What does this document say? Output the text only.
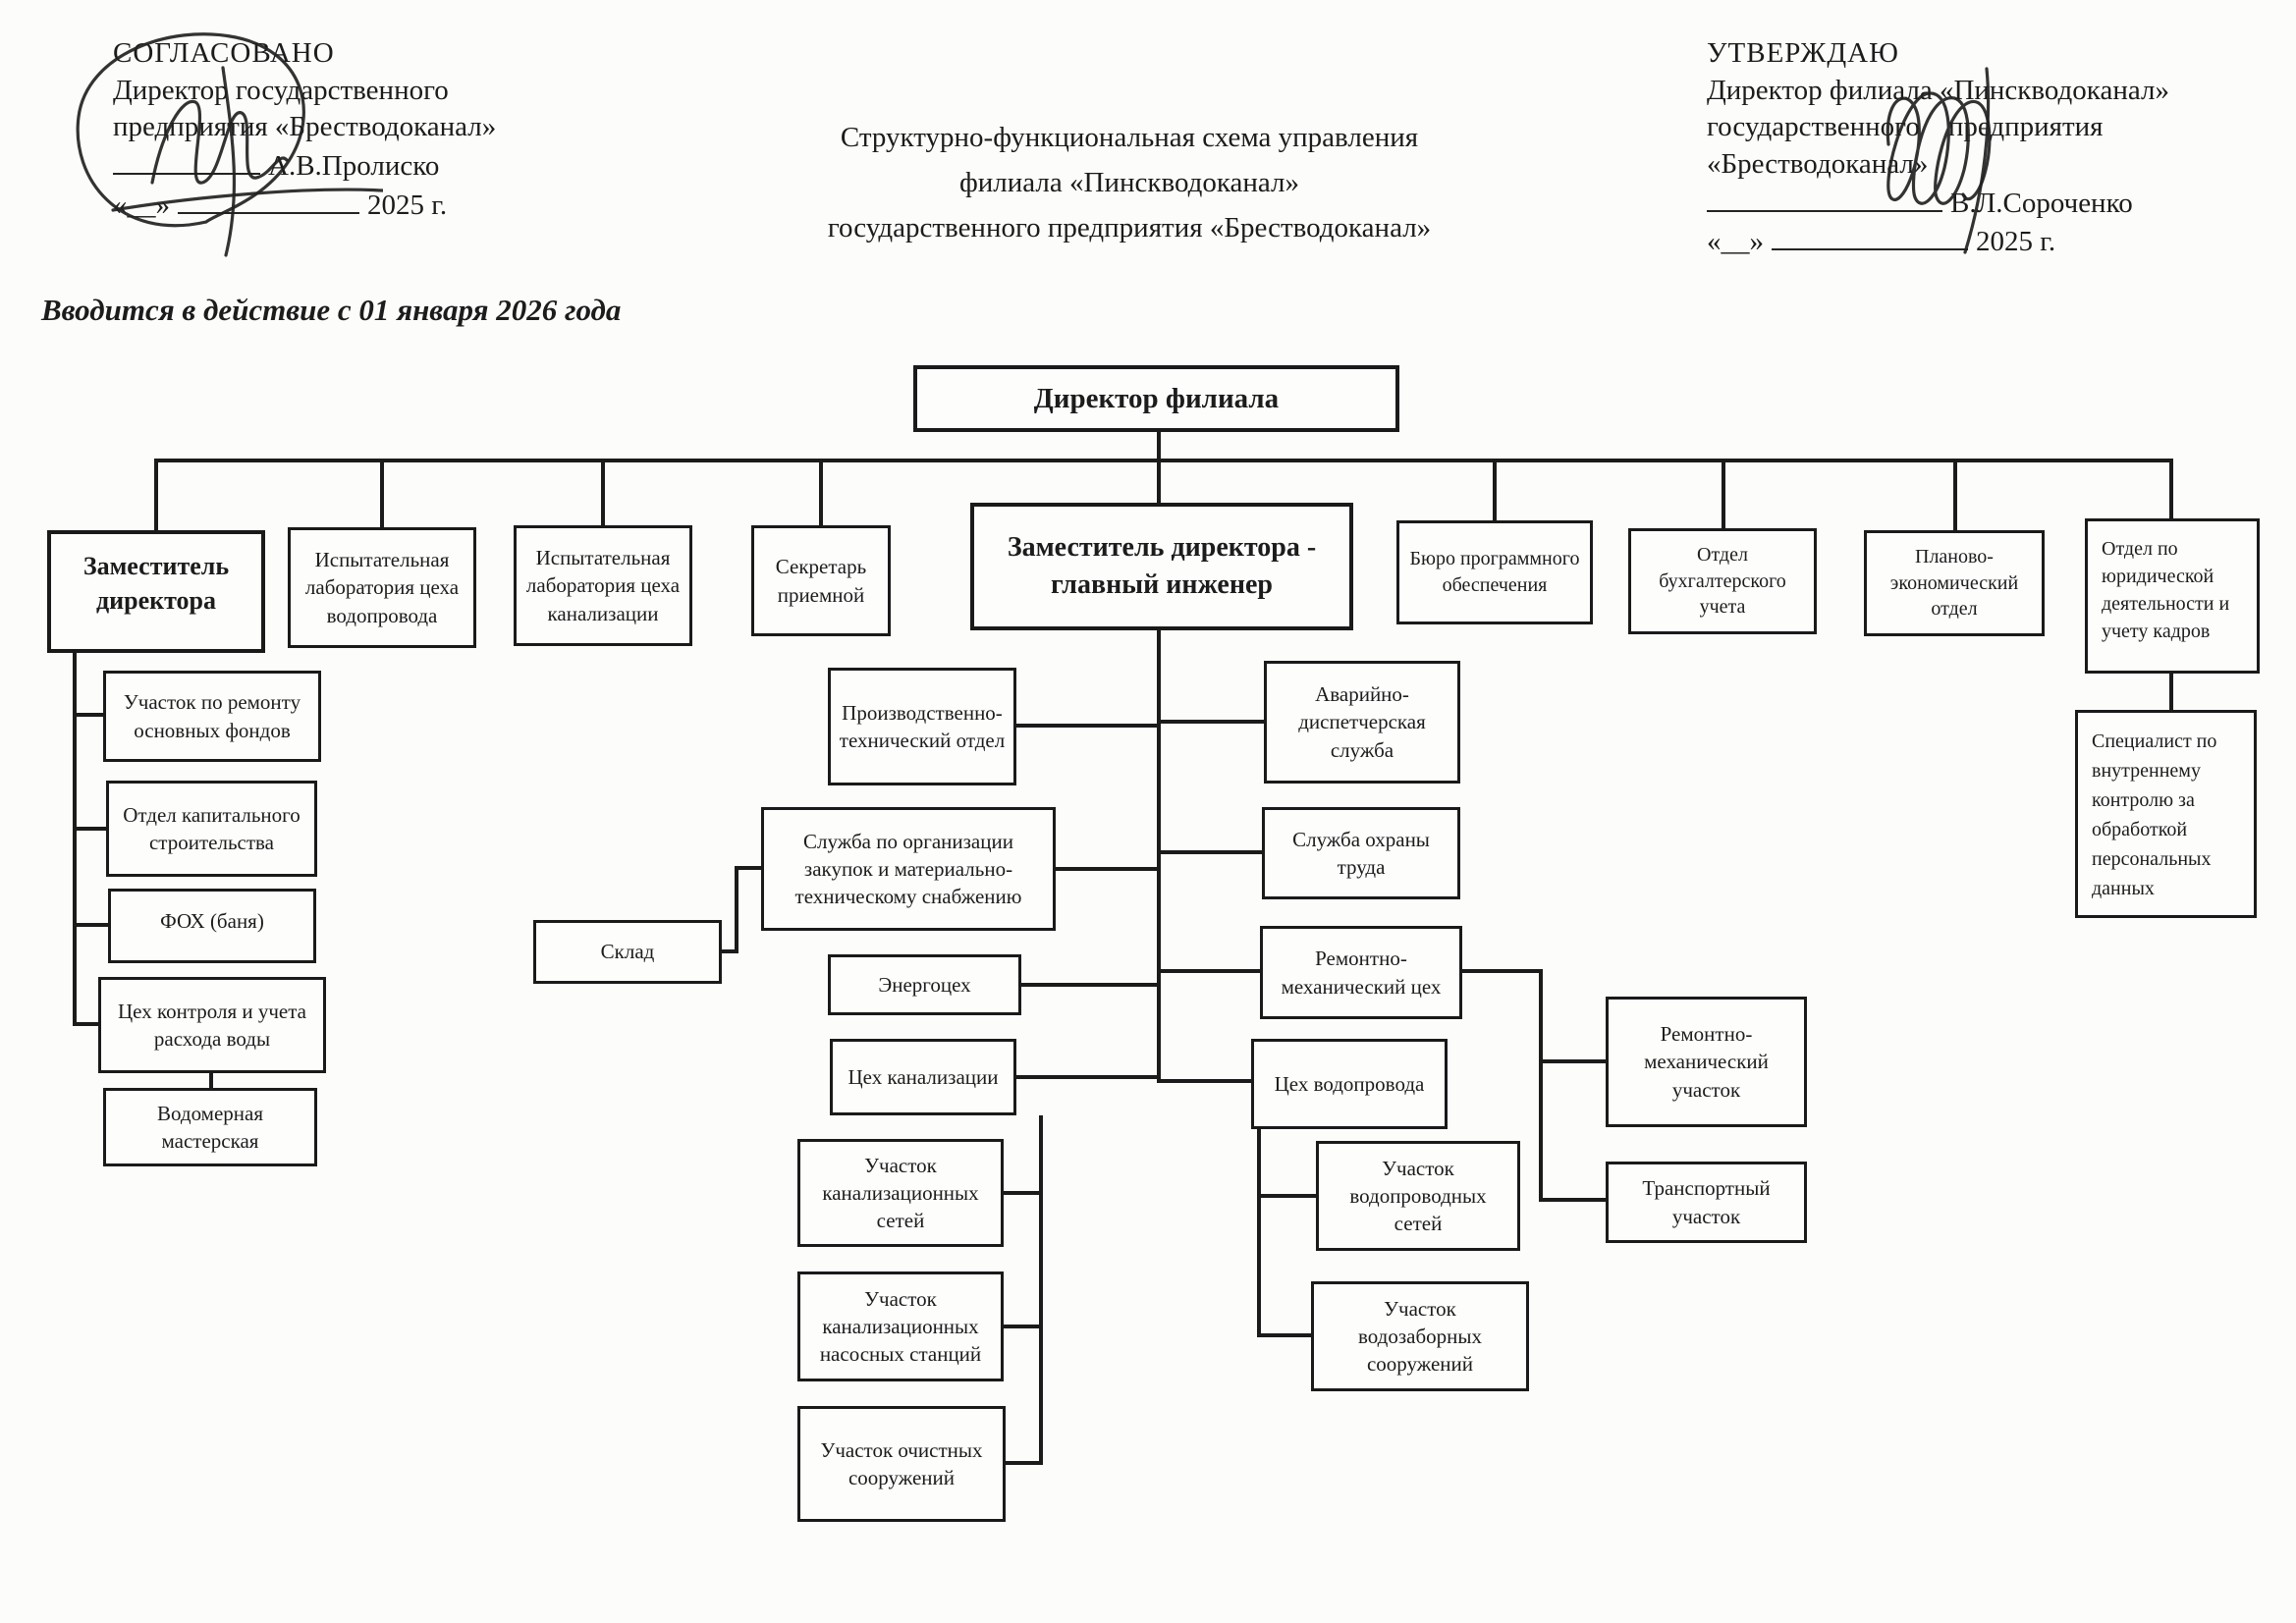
СОГЛАСОВАНО
Директор государственного
предприятия «Брестводоканал»
А.В.Пролиско
«__»	2025 г.
Структурно-функциональная схема управления
филиала «Пинскводоканал»
государственного предприятия «Брестводоканал»
УТВЕРЖДАЮ
Директор филиала «Пинскводоканал»
государственного    предприятия
«Брестводоканал»
В.Л.Сороченко
«__»	2025 г.
Вводится в действие с 01 января 2026 года
Директор филиала
Заместитель директора
Испытательная лаборатория цеха водопровода
Испытательная лаборатория цеха канализации
Секретарь приемной
Заместитель директора - главный инженер
Бюро программного обеспечения
Отдел бухгалтерского учета
Планово-экономический отдел
Отдел по юридической деятельности и учету кадров
Участок по ремонту основных фондов
Отдел капитального строительства
ФОХ (баня)
Цех контроля и учета расхода воды
Водомерная мастерская
Производственно-технический отдел
Служба по организации закупок и материально-техническому снабжению
Склад
Энергоцех
Цех канализации
Участок канализационных сетей
Участок канализационных насосных станций
Участок очистных сооружений
Аварийно-диспетчерская служба
Служба охраны труда
Ремонтно-механический цех
Цех водопровода
Ремонтно-механический участок
Транспортный участок
Участок водопроводных сетей
Участок водозаборных сооружений
Специалист по внутреннему контролю за обработкой персональных данных
